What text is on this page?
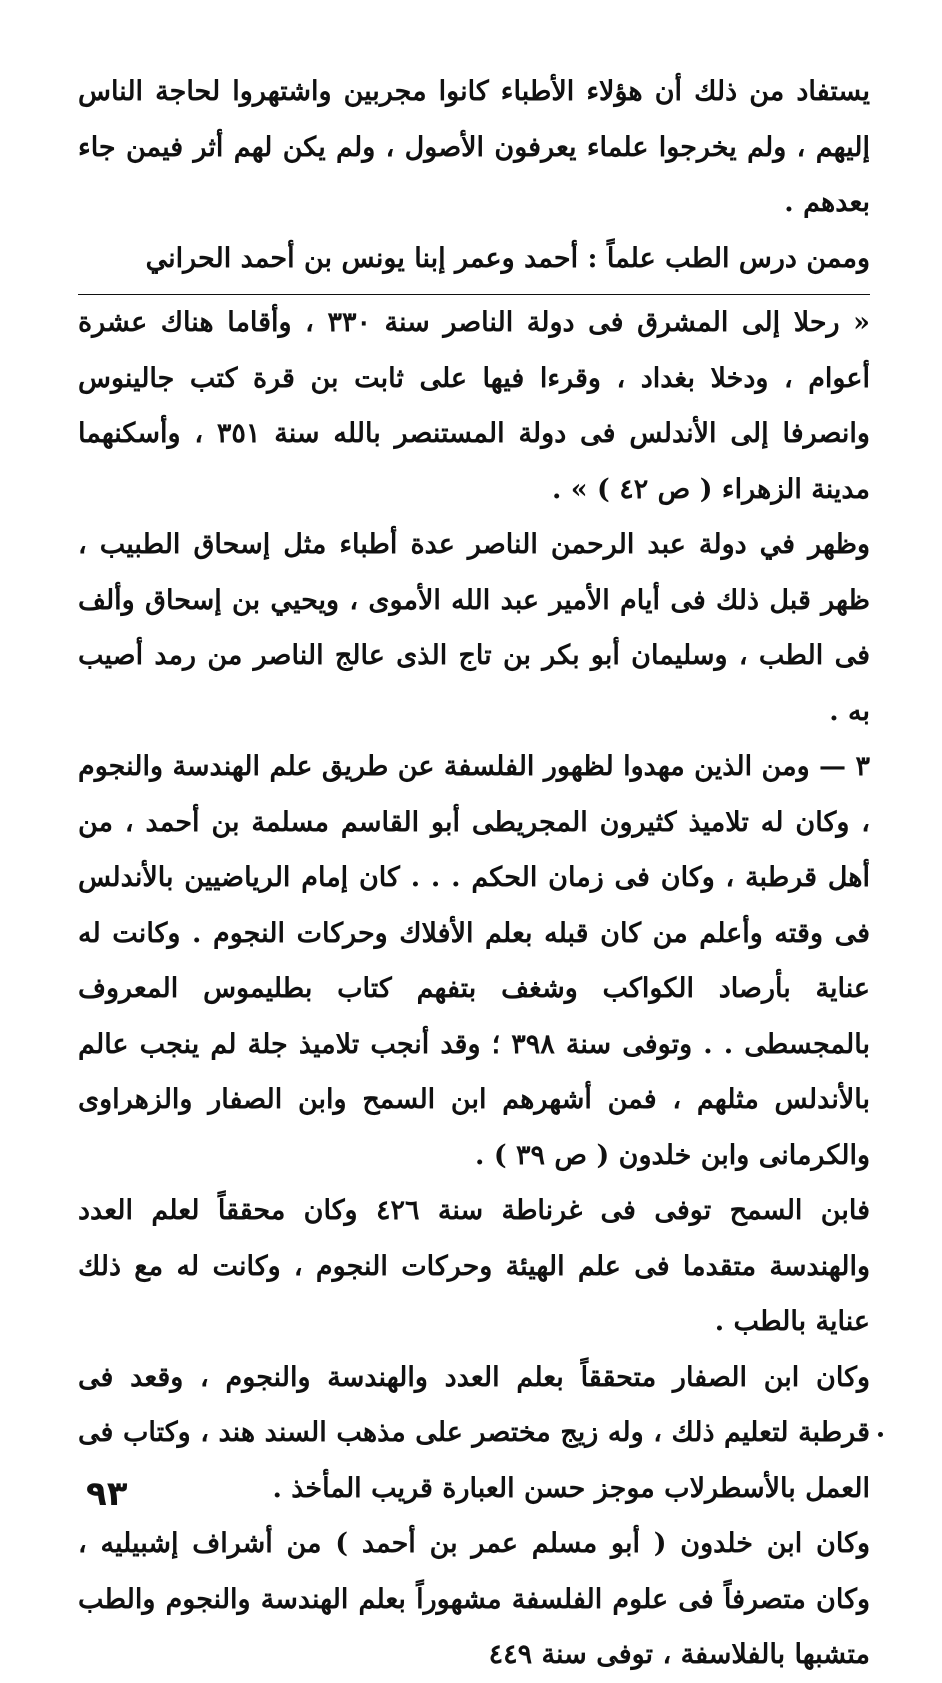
يستفاد من ذلك أن هؤلاء الأطباء كانوا مجربين واشتهروا لحاجة الناس إليهم ، ولم يخرجوا علماء يعرفون الأصول ، ولم يكن لهم أثر فيمن جاء بعدهم .

وممن درس الطب علماً : أحمد وعمر إبنا يونس بن أحمد الحراني

« رحلا إلى المشرق فى دولة الناصر سنة ٣٣٠ ، وأقاما هناك عشرة أعوام ، ودخلا بغداد ، وقرءا فيها على ثابت بن قرة كتب جالينوس وانصرفا إلى الأندلس فى دولة المستنصر بالله سنة ٣٥١ ، وأسكنهما مدينة الزهراء ( ص ٤٢ ) » .

وظهر في دولة عبد الرحمن الناصر عدة أطباء مثل إسحاق الطبيب ، ظهر قبل ذلك فى أيام الأمير عبد الله الأموى ، ويحيي بن إسحاق وألف فى الطب ، وسليمان أبو بكر بن تاج الذى عالج الناصر من رمد أصيب به .

٣ — ومن الذين مهدوا لظهور الفلسفة عن طريق علم الهندسة والنجوم ، وكان له تلاميذ كثيرون المجريطى أبو القاسم مسلمة بن أحمد ، من أهل قرطبة ، وكان فى زمان الحكم . . . كان إمام الرياضيين بالأندلس فى وقته وأعلم من كان قبله بعلم الأفلاك وحركات النجوم . وكانت له عناية بأرصاد الكواكب وشغف بتفهم كتاب بطليموس المعروف بالمجسطى . . وتوفى سنة ٣٩٨ ؛ وقد أنجب تلاميذ جلة لم ينجب عالم بالأندلس مثلهم ، فمن أشهرهم ابن السمح وابن الصفار والزهراوى والكرمانى وابن خلدون ( ص ٣٩ ) .

فابن السمح توفى فى غرناطة سنة ٤٢٦ وكان محققاً لعلم العدد والهندسة متقدما فى علم الهيئة وحركات النجوم ، وكانت له مع ذلك عناية بالطب .

وكان ابن الصفار متحققاً بعلم العدد والهندسة والنجوم ، وقعد فى قرطبة لتعليم ذلك ، وله زيج مختصر على مذهب السند هند ، وكتاب فى العمل بالأسطرلاب موجز حسن العبارة قريب المأخذ .

وكان ابن خلدون ( أبو مسلم عمر بن أحمد ) من أشراف إشبيليه ، وكان متصرفاً فى علوم الفلسفة مشهوراً بعلم الهندسة والنجوم والطب متشبها بالفلاسفة ، توفى سنة ٤٤٩

٩٣
